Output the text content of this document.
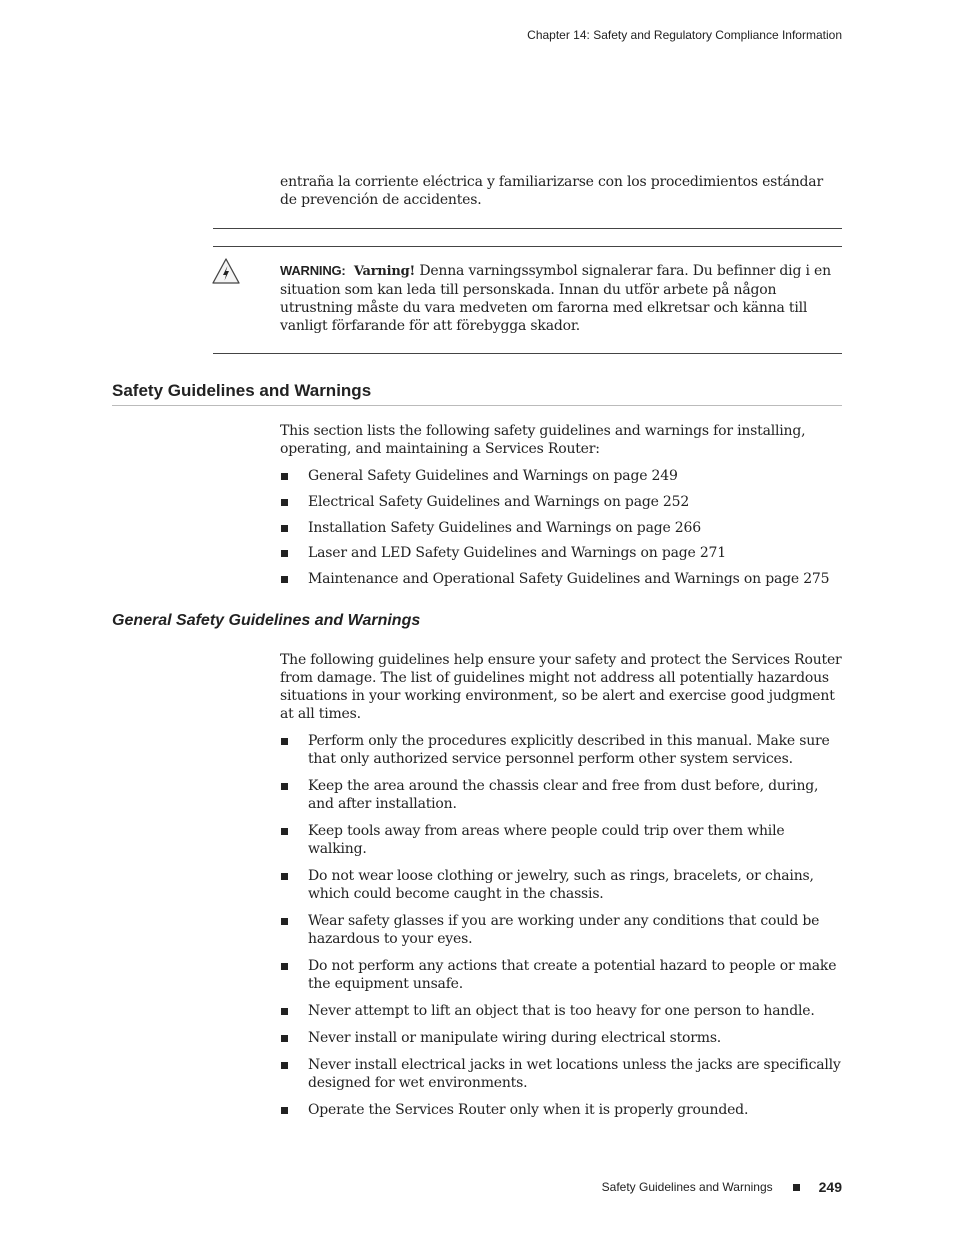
Chapter 14: Safety and Regulatory Compliance Information
entraña la corriente eléctrica y familiarizarse con los procedimientos estándar de prevención de accidentes.
WARNING: Varning! Denna varningssymbol signalerar fara. Du befinner dig i en situation som kan leda till personskada. Innan du utför arbete på någon utrustning måste du vara medveten om farorna med elkretsar och känna till vanligt förfarande för att förebygga skador.
Safety Guidelines and Warnings
This section lists the following safety guidelines and warnings for installing, operating, and maintaining a Services Router:
General Safety Guidelines and Warnings on page 249
Electrical Safety Guidelines and Warnings on page 252
Installation Safety Guidelines and Warnings on page 266
Laser and LED Safety Guidelines and Warnings on page 271
Maintenance and Operational Safety Guidelines and Warnings on page 275
General Safety Guidelines and Warnings
The following guidelines help ensure your safety and protect the Services Router from damage. The list of guidelines might not address all potentially hazardous situations in your working environment, so be alert and exercise good judgment at all times.
Perform only the procedures explicitly described in this manual. Make sure that only authorized service personnel perform other system services.
Keep the area around the chassis clear and free from dust before, during, and after installation.
Keep tools away from areas where people could trip over them while walking.
Do not wear loose clothing or jewelry, such as rings, bracelets, or chains, which could become caught in the chassis.
Wear safety glasses if you are working under any conditions that could be hazardous to your eyes.
Do not perform any actions that create a potential hazard to people or make the equipment unsafe.
Never attempt to lift an object that is too heavy for one person to handle.
Never install or manipulate wiring during electrical storms.
Never install electrical jacks in wet locations unless the jacks are specifically designed for wet environments.
Operate the Services Router only when it is properly grounded.
Safety Guidelines and Warnings	249
